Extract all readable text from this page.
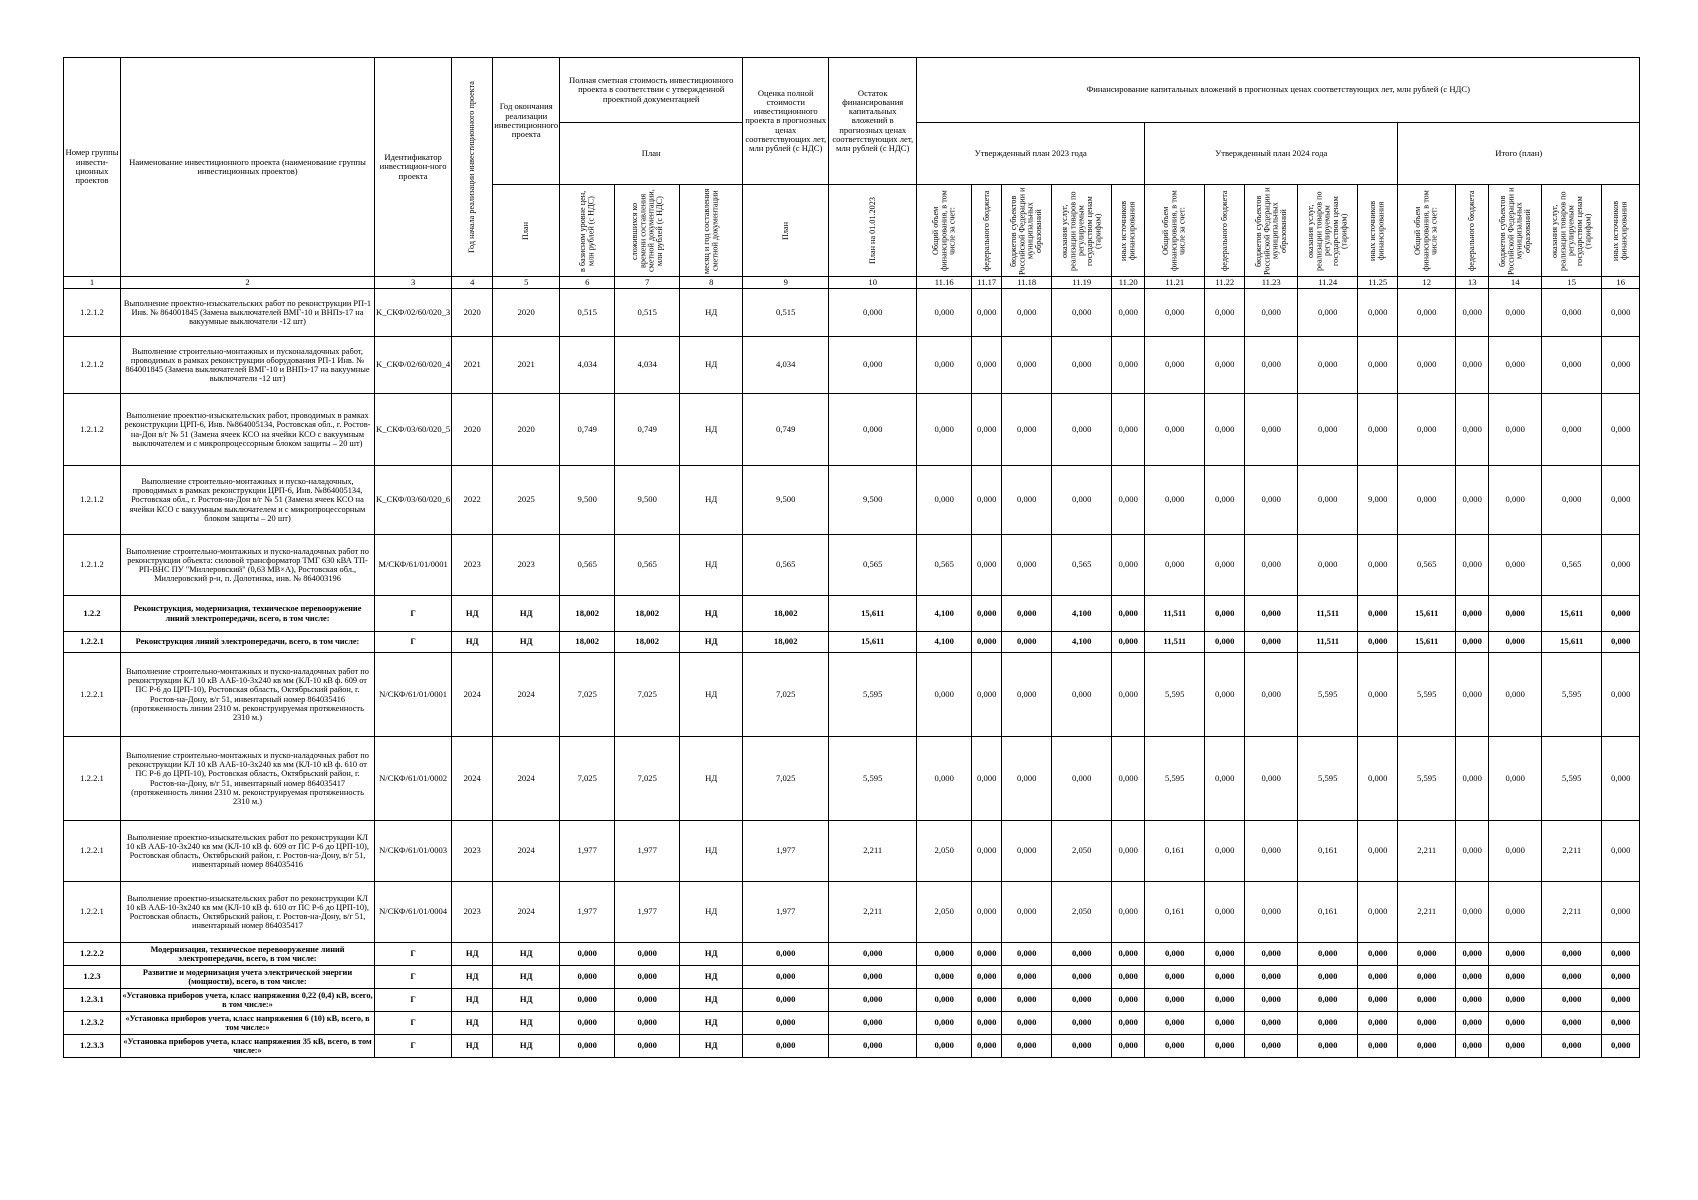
Номер группы инвести-ционных проектов	Наименование инвестиционного проекта (наименование группы инвестиционных проектов)	Идентификатор инвестицион-ного проекта	Год начала реализации инвестиционного проекта	Год окончания реализации инвестиционного проекта	Полная сметная стоимость инвестиционного проекта в соответствии с утвержденной проектной документацией			Оценка полной стоимости инвестиционного проекта в прогнозных ценах соответствующих лет, млн рублей (с НДС)	Остаток финансирования капитальных вложений в прогнозных ценах соответствующих лет, млн рублей (с НДС)	Финансирование капитальных вложений в прогнозных ценах соответствующих лет, млн рублей (с НДС)														
					План					Утвержденный план 2023 года					Утвержденный план 2024 года					Итого (план)				

				План	в базисном уровне цен, млн рублей (с НДС)	сложившихся ко времени составления сметной документации, млн рублей (с НДС)	месяц и год составления сметной документации	План	План на 01.01.2023	Общий объем финансирования, в том числе за счет:	федерального бюджета	бюджетов субъектов Российской Федерации и муниципальных образований	оказания услуг, реализации товаров по регулируемым государством ценам (тарифам)	иных источников финансирования	Общий объем финансирования, в том числе за счет:	федерального бюджета	бюджетов субъектов Российской Федерации и муниципальных образований	оказания услуг, реализации товаров по регулируемым государством ценам (тарифам)	иных источников финансирования	Общий объем финансирования, в том числе за счет:	федерального бюджета	бюджетов субъектов Российской Федерации и муниципальных образований	оказания услуг, реализации товаров по регулируемым государством ценам (тарифам)	иных источников финансирования

1	2	3	4	5	6	7	8	9	10	11.16	11.17	11.18	11.19	11.20	11.21	11.22	11.23	11.24	11.25	12	13	14	15	16
1.2.1.2	Выполнение проектно-изыскательских работ по реконструкции РП-1 Инв. № 864001845 (Замена выключателей ВМГ-10 и ВНПз-17 на вакуумные выключатели -12 шт)	K_СКФ/02/60/020_3	2020	2020	0,515	0,515	НД	0,515	0,000	0,000	0,000	0,000	0,000	0,000	0,000	0,000	0,000	0,000	0,000	0,000	0,000	0,000	0,000	0,000
1.2.1.2	Выполнение строительно-монтажных и пусконаладочных работ, проводимых в рамках реконструкции оборудования РП-1 Инв. № 864001845 (Замена выключателей ВМГ-10 и ВНПз-17 на вакуумные выключатели -12 шт)	K_СКФ/02/60/020_4	2021	2021	4,034	4,034	НД	4,034	0,000	0,000	0,000	0,000	0,000	0,000	0,000	0,000	0,000	0,000	0,000	0,000	0,000	0,000	0,000	0,000
1.2.1.2	Выполнение проектно-изыскательских работ, проводимых в рамках реконструкции ЦРП-6, Инв. №864005134, Ростовская обл., г. Ростов-на-Дон в/г № 51 (Замена ячеек КСО на ячейки КСО с вакуумным выключателем и с микропроцессорным блоком защиты – 20 шт)	K_СКФ/03/60/020_5	2020	2020	0,749	0,749	НД	0,749	0,000	0,000	0,000	0,000	0,000	0,000	0,000	0,000	0,000	0,000	0,000	0,000	0,000	0,000	0,000	0,000
1.2.1.2	Выполнение строительно-монтажных и пуско-наладочных, проводимых в рамках реконструкции ЦРП-6, Инв. №864005134, Ростовская обл., г. Ростов-на-Дон в/г № 51 (Замена ячеек КСО на ячейки КСО с вакуумным выключателем и с микропроцессорным блоком защиты – 20 шт)	K_СКФ/03/60/020_6	2022	2025	9,500	9,500	НД	9,500	9,500	0,000	0,000	0,000	0,000	0,000	0,000	0,000	0,000	0,000	9,000	0,000	0,000	0,000	0,000	0,000
1.2.1.2	Выполнение строительно-монтажных и пуско-наладочных работ по реконструкции объекта: силовой трансформатор ТМГ 630 кВА ТП-РП-ВНС ПУ "Миллеровский" (0,63 МВ×А), Ростовская обл., Миллеровский р-н, п. Долотинка, инв. № 864003196	M/СКФ/61/01/0001	2023	2023	0,565	0,565	НД	0,565	0,565	0,565	0,000	0,000	0,565	0,000	0,000	0,000	0,000	0,000	0,000	0,565	0,000	0,000	0,565	0,000
1.2.2	Реконструкция, модернизация, техническое перевооружение линий электропередачи, всего, в том числе:	Г	НД	НД	18,002	18,002	НД	18,002	15,611	4,100	0,000	0,000	4,100	0,000	11,511	0,000	0,000	11,511	0,000	15,611	0,000	0,000	15,611	0,000
1.2.2.1	Реконструкция линий электропередачи, всего, в том числе:	Г	НД	НД	18,002	18,002	НД	18,002	15,611	4,100	0,000	0,000	4,100	0,000	11,511	0,000	0,000	11,511	0,000	15,611	0,000	0,000	15,611	0,000
1.2.2.1	Выполнение строительно-монтажных и пуско-наладочных работ по реконструкции КЛ 10 кВ ААБ-10-3х240 кв мм (КЛ-10 кВ ф. 609 от ПС Р-6 до ЦРП-10), Ростовская область, Октябрьский район, г. Ростов-на-Дону, в/г 51, инвентарный номер 864035416 (протяженность линии 2310 м. реконструируемая протяженность 2310 м.)	N/СКФ/61/01/0001	2024	2024	7,025	7,025	НД	7,025	5,595	0,000	0,000	0,000	0,000	0,000	5,595	0,000	0,000	5,595	0,000	5,595	0,000	0,000	5,595	0,000
1.2.2.1	Выполнение строительно-монтажных и пуско-наладочных работ по реконструкции КЛ 10 кВ ААБ-10-3х240 кв мм (КЛ-10 кВ ф. 610 от ПС Р-6 до ЦРП-10), Ростовская область, Октябрьский район, г. Ростов-на-Дону, в/г 51, инвентарный номер 864035417 (протяженность линии 2310 м. реконструируемая протяженность 2310 м.)	N/СКФ/61/01/0002	2024	2024	7,025	7,025	НД	7,025	5,595	0,000	0,000	0,000	0,000	0,000	5,595	0,000	0,000	5,595	0,000	5,595	0,000	0,000	5,595	0,000
1.2.2.1	Выполнение проектно-изыскательских работ по реконструкции КЛ 10 кВ ААБ-10-3х240 кв мм (КЛ-10 кВ ф. 609 от ПС Р-6 до ЦРП-10), Ростовская область, Октябрьский район, г. Ростов-на-Дону, в/г 51, инвентарный номер 864035416	N/СКФ/61/01/0003	2023	2024	1,977	1,977	НД	1,977	2,211	2,050	0,000	0,000	2,050	0,000	0,161	0,000	0,000	0,161	0,000	2,211	0,000	0,000	2,211	0,000
1.2.2.1	Выполнение проектно-изыскательских работ по реконструкции КЛ 10 кВ ААБ-10-3х240 кв мм (КЛ-10 кВ ф. 610 от ПС Р-6 до ЦРП-10), Ростовская область, Октябрьский район, г. Ростов-на-Дону, в/г 51, инвентарный номер 864035417	N/СКФ/61/01/0004	2023	2024	1,977	1,977	НД	1,977	2,211	2,050	0,000	0,000	2,050	0,000	0,161	0,000	0,000	0,161	0,000	2,211	0,000	0,000	2,211	0,000
1.2.2.2	Модернизация, техническое перевооружение линий электропередачи, всего, в том числе:	Г	НД	НД	0,000	0,000	НД	0,000	0,000	0,000	0,000	0,000	0,000	0,000	0,000	0,000	0,000	0,000	0,000	0,000	0,000	0,000	0,000	0,000
1.2.3	Развитие и модернизация учета электрической энергии (мощности), всего, в том числе:	Г	НД	НД	0,000	0,000	НД	0,000	0,000	0,000	0,000	0,000	0,000	0,000	0,000	0,000	0,000	0,000	0,000	0,000	0,000	0,000	0,000	0,000
1.2.3.1	«Установка приборов учета, класс напряжения 0,22 (0,4) кВ, всего, в том числе:»	Г	НД	НД	0,000	0,000	НД	0,000	0,000	0,000	0,000	0,000	0,000	0,000	0,000	0,000	0,000	0,000	0,000	0,000	0,000	0,000	0,000	0,000
1.2.3.2	«Установка приборов учета, класс напряжения 6 (10) кВ, всего, в том числе:»	Г	НД	НД	0,000	0,000	НД	0,000	0,000	0,000	0,000	0,000	0,000	0,000	0,000	0,000	0,000	0,000	0,000	0,000	0,000	0,000	0,000	0,000
1.2.3.3	«Установка приборов учета, класс напряжения 35 кВ, всего, в том числе:»	Г	НД	НД	0,000	0,000	НД	0,000	0,000	0,000	0,000	0,000	0,000	0,000	0,000	0,000	0,000	0,000	0,000	0,000	0,000	0,000	0,000	0,000
